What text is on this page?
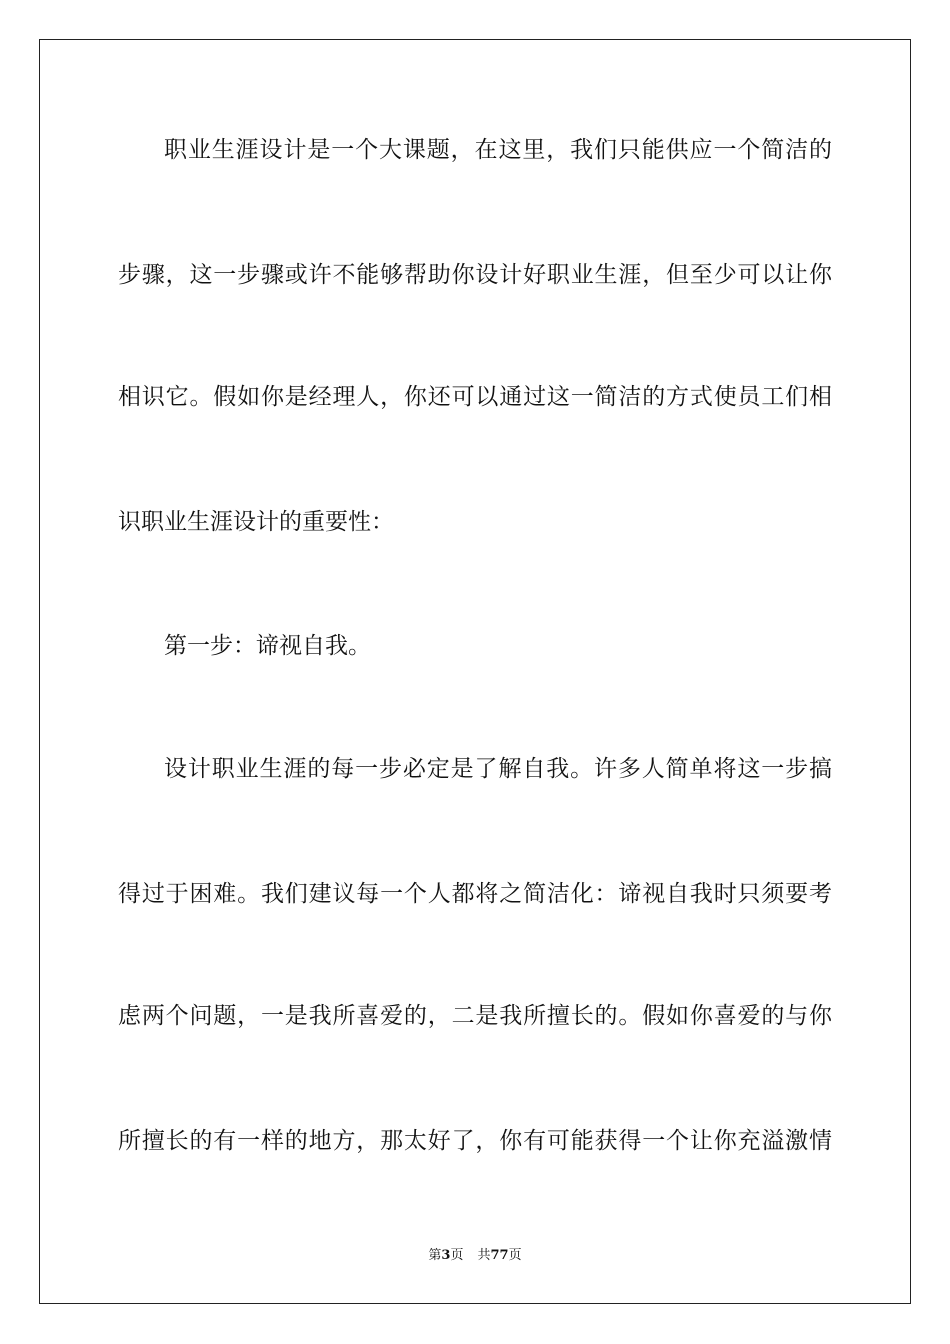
职业生涯设计是一个大课题，在这里，我们只能供应一个简洁的
步骤，这一步骤或许不能够帮助你设计好职业生涯，但至少可以让你
相识它。假如你是经理人，你还可以通过这一简洁的方式使员工们相
识职业生涯设计的重要性：
第一步：谛视自我。
设计职业生涯的每一步必定是了解自我。许多人简单将这一步搞
得过于困难。我们建议每一个人都将之简洁化：谛视自我时只须要考
虑两个问题，一是我所喜爱的，二是我所擅长的。假如你喜爱的与你
所擅长的有一样的地方，那太好了，你有可能获得一个让你充溢激情
第3页 共77页
